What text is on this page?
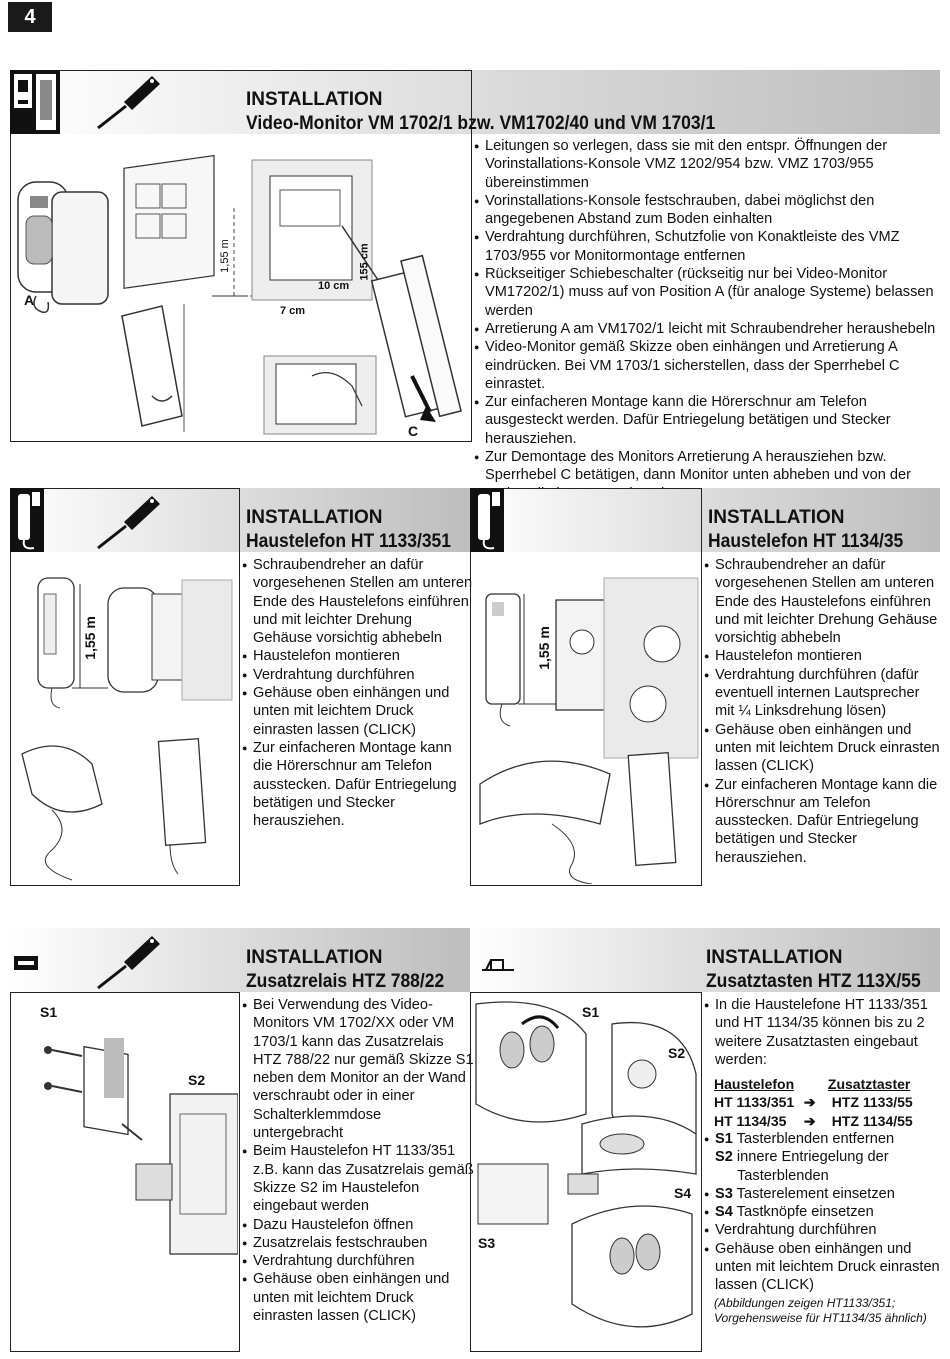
4
INSTALLATION
Video-Monitor VM 1702/1 bzw. VM1702/40 und VM 1703/1
● Leitungen so verlegen, dass sie mit den entspr. Öffnungen der Vorinstallations-Konsole VMZ 1202/954 bzw. VMZ 1703/955 übereinstimmen
● Vorinstallations-Konsole festschrauben, dabei möglichst den angegebenen Abstand zum Boden einhalten
● Verdrahtung durchführen, Schutzfolie von Konaktleiste des VMZ 1703/955 vor Monitormontage entfernen
● Rückseitiger Schiebeschalter (rückseitig nur bei Video-Monitor VM17202/1) muss auf von Position A (für analoge Systeme) belassen werden
● Arretierung A am VM1702/1 leicht mit Schraubendreher heraushebeln
● Video-Monitor gemäß Skizze oben einhängen und Arretierung A eindrücken. Bei VM 1703/1 sicherstellen, dass der Sperrhebel C einrastet.
● Zur einfacheren Montage kann die Hörerschnur am Telefon ausgesteckt werden. Dafür Entriegelung betätigen und Stecker herausziehen.
● Zur Demontage des Monitors Arretierung A herausziehen bzw. Sperrhebel C betätigen, dann Monitor unten abheben und von der
A
C
1,55 m	155 cm
10 cm
7 cm
INSTALLATION
Haustelefon HT 1133/351
● Schraubendreher an dafür vorgesehenen Stellen am unteren Ende des Haustelefons einführen und mit leichter Drehung Gehäuse vorsichtig abhebeln
● Haustelefon montieren
● Verdrahtung durchführen
● Gehäuse oben einhängen und unten mit leichtem Druck einrasten lassen (CLICK)
● Zur einfacheren Montage kann die Hörerschnur am Telefon ausstecken. Dafür Entriegelung betätigen und Stecker herausziehen.
1,55 m
INSTALLATION
Haustelefon HT 1134/35
● Schraubendreher an dafür vorgesehenen Stellen am unteren Ende des Haustelefons einführen und mit leichter Drehung Gehäuse vorsichtig abhebeln
● Haustelefon montieren
● Verdrahtung durchführen (dafür eventuell internen Lautsprecher mit ¼ Linksdrehung lösen)
● Gehäuse oben einhängen und unten mit leichtem Druck einrasten lassen (CLICK)
● Zur einfacheren Montage kann die Hörerschnur am Telefon ausstecken. Dafür Entriegelung betätigen und Stecker herausziehen.
1,55 m
INSTALLATION
Zusatzrelais HTZ 788/22
● Bei Verwendung des Video-Monitors VM 1702/XX oder VM 1703/1 kann das Zusatzrelais HTZ 788/22 nur gemäß Skizze S1 neben dem Monitor an der Wand verschraubt oder in einer Schalterklemmdose untergebracht
● Beim Haustelefon HT 1133/351 z.B. kann das Zusatzrelais gemäß Skizze S2 im Haustelefon eingebaut werden
● Dazu Haustelefon öffnen
● Zusatzrelais festschrauben
● Verdrahtung durchführen
● Gehäuse oben einhängen und unten mit leichtem Druck einrasten lassen (CLICK)
S1
S2
INSTALLATION
Zusatztasten HTZ 113X/55
● In die Haustelefone HT 1133/351 und HT 1134/35 können bis zu 2 weitere Zusatztasten eingebaut werden:
Haustelefon Zusatztaster
HT 1133/351 ➔ HTZ 1133/55
HT 1134/35 ➔ HTZ 1134/55
● S1 Tasterblenden entfernen
● S2 innere Entriegelung der Tasterblenden
● S3 Tasterelement einsetzen
● S4 Tastknöpfe einsetzen
● Verdrahtung durchführen
● Gehäuse oben einhängen und unten mit leichtem Druck einrasten lassen (CLICK)
(Abbildungen zeigen HT1133/351; Vorgehensweise für HT1134/35 ähnlich)
S1
S2
S3
S4
